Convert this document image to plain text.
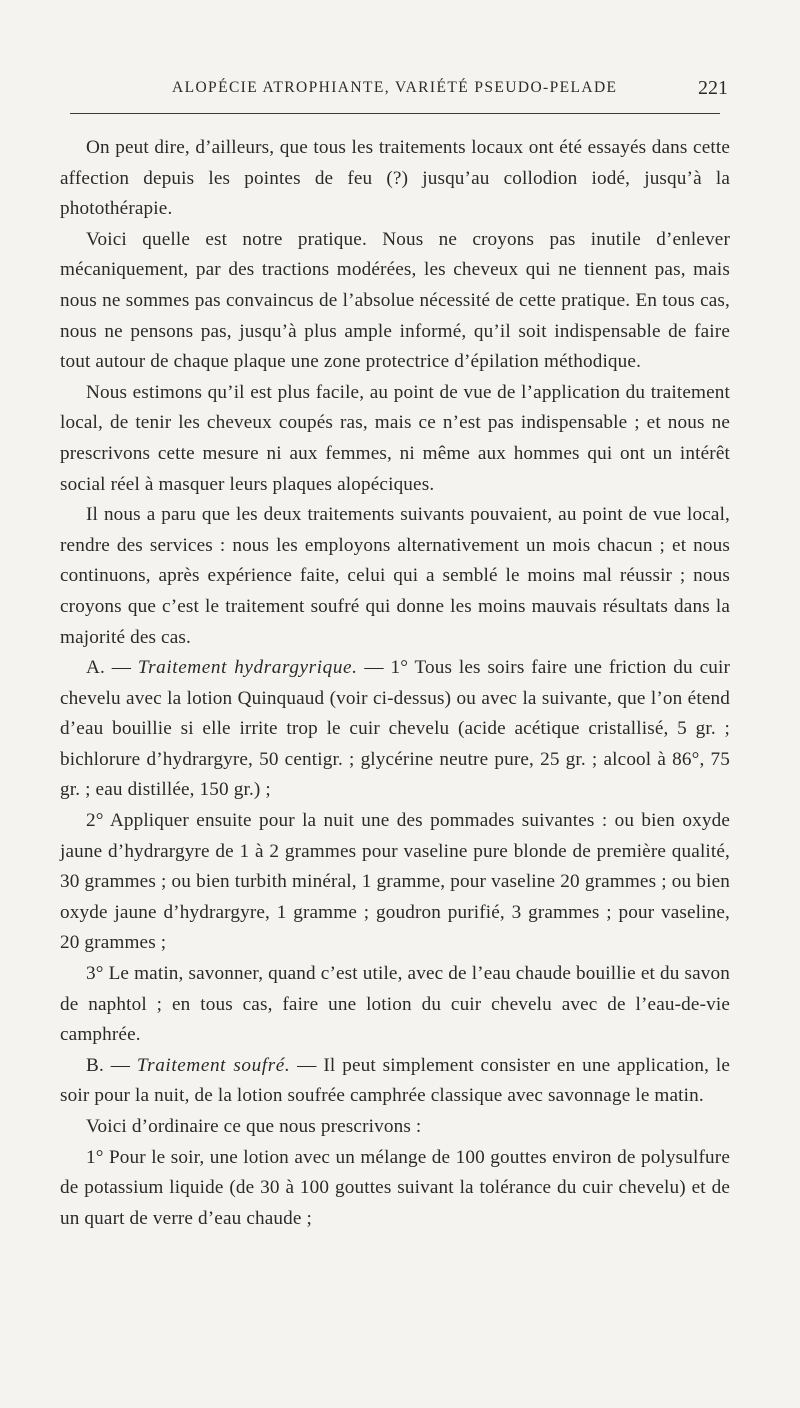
ALOPÉCIE ATROPHIANTE, VARIÉTÉ PSEUDO-PELADE	221

On peut dire, d’ailleurs, que tous les traitements locaux ont été essayés dans cette affection depuis les pointes de feu (?) jusqu’au collodion iodé, jusqu’à la photothérapie.

Voici quelle est notre pratique. Nous ne croyons pas inutile d’enlever mécaniquement, par des tractions modérées, les cheveux qui ne tiennent pas, mais nous ne sommes pas convaincus de l’absolue nécessité de cette pratique. En tous cas, nous ne pensons pas, jusqu’à plus ample informé, qu’il soit indispensable de faire tout autour de chaque plaque une zone protectrice d’épilation méthodique.

Nous estimons qu’il est plus facile, au point de vue de l’application du traitement local, de tenir les cheveux coupés ras, mais ce n’est pas indispensable ; et nous ne prescrivons cette mesure ni aux femmes, ni même aux hommes qui ont un intérêt social réel à masquer leurs plaques alopéciques.

Il nous a paru que les deux traitements suivants pouvaient, au point de vue local, rendre des services : nous les employons alternativement un mois chacun ; et nous continuons, après expérience faite, celui qui a semblé le moins mal réussir ; nous croyons que c’est le traitement soufré qui donne les moins mauvais résultats dans la majorité des cas.

A. — Traitement hydrargyrique. — 1° Tous les soirs faire une friction du cuir chevelu avec la lotion Quinquaud (voir ci-dessus) ou avec la suivante, que l’on étend d’eau bouillie si elle irrite trop le cuir chevelu (acide acétique cristallisé, 5 gr. ; bichlorure d’hydrargyre, 50 centigr. ; glycérine neutre pure, 25 gr. ; alcool à 86°, 75 gr. ; eau distillée, 150 gr.) ;

2° Appliquer ensuite pour la nuit une des pommades suivantes : ou bien oxyde jaune d’hydrargyre de 1 à 2 grammes pour vaseline pure blonde de première qualité, 30 grammes ; ou bien turbith minéral, 1 gramme, pour vaseline 20 grammes ; ou bien oxyde jaune d’hydrargyre, 1 gramme ; goudron purifié, 3 grammes ; pour vaseline, 20 grammes ;

3° Le matin, savonner, quand c’est utile, avec de l’eau chaude bouillie et du savon de naphtol ; en tous cas, faire une lotion du cuir chevelu avec de l’eau-de-vie camphrée.

B. — Traitement soufré. — Il peut simplement consister en une application, le soir pour la nuit, de la lotion soufrée camphrée classique avec savonnage le matin.

Voici d’ordinaire ce que nous prescrivons :

1° Pour le soir, une lotion avec un mélange de 100 gouttes environ de polysulfure de potassium liquide (de 30 à 100 gouttes suivant la tolérance du cuir chevelu) et de un quart de verre d’eau chaude ;
